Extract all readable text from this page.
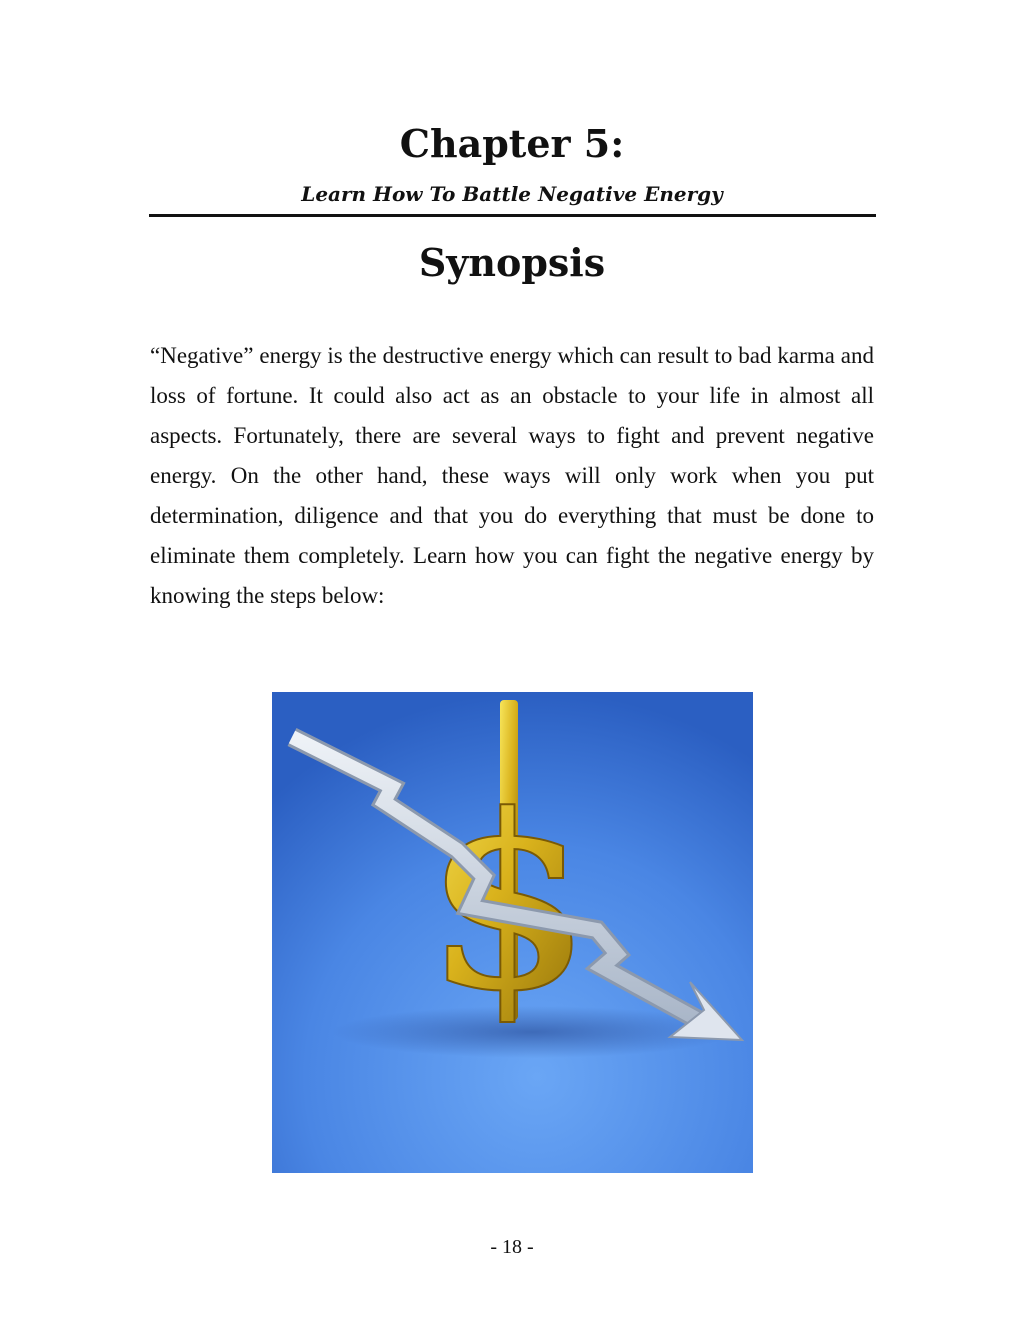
Chapter 5:
Learn How To Battle Negative Energy
Synopsis

“Negative” energy is the destructive energy which can result to bad karma and loss of fortune. It could also act as an obstacle to your life in almost all aspects. Fortunately, there are several ways to fight and prevent negative energy. On the other hand, these ways will only work when you put determination, diligence and that you do everything that must be done to eliminate them completely. Learn how you can fight the negative energy by knowing the steps below:

$
- 18 -
